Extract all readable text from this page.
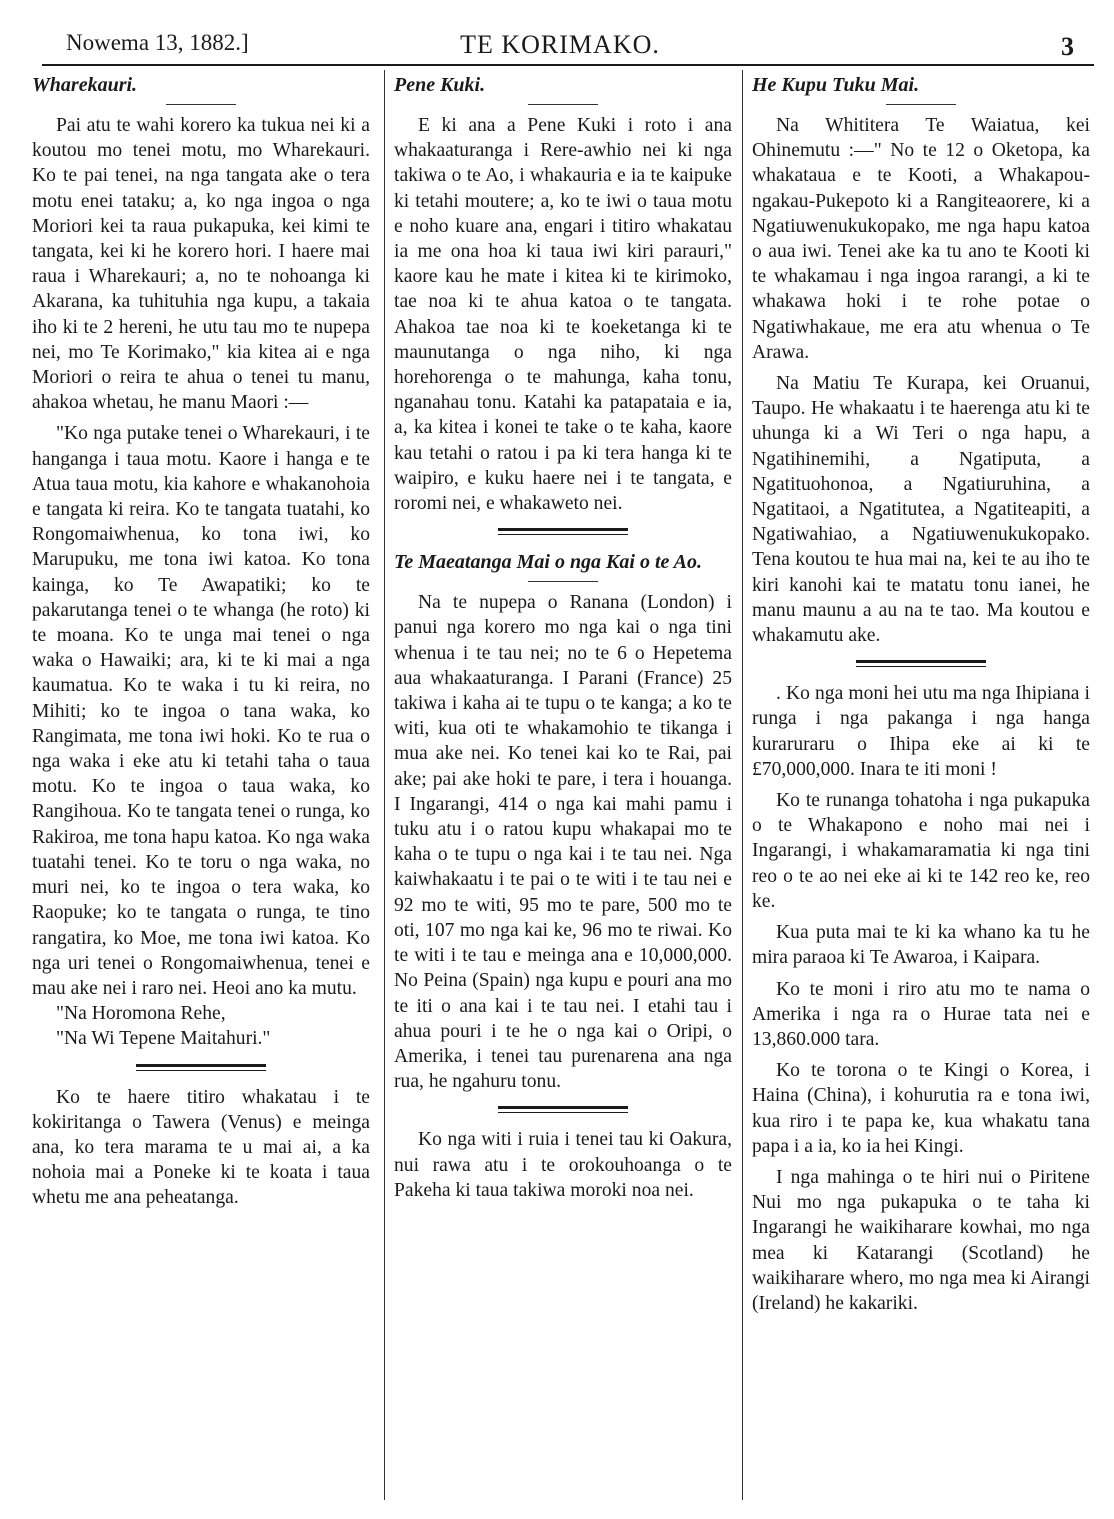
Nowema 13, 1882.]	TE KORIMAKO.	3

Wharekauri.

Pai atu te wahi korero ka tukua nei ki a koutou mo tenei motu, mo Wharekauri. Ko te pai tenei, na nga tangata ake o tera motu enei tataku; a, ko nga ingoa o nga Moriori kei ta raua pukapuka, kei kimi te tangata, kei ki he korero hori. I haere mai raua i Wharekauri; a, no te nohoanga ki Akarana, ka tuhituhia nga kupu, a takaia iho ki te 2 hereni, he utu tau mo te nupepa nei, mo Te Korimako," kia kitea ai e nga Moriori o reira te ahua o tenei tu manu, ahakoa whetau, he manu Maori :—

"Ko nga putake tenei o Wharekauri, i te hanganga i taua motu. Kaore i hanga e te Atua taua motu, kia kahore e whakanohoia e tangata ki reira. Ko te tangata tuatahi, ko Rongomaiwhenua, ko tona iwi, ko Marupuku, me tona iwi katoa. Ko tona kainga, ko Te Awapatiki; ko te pakarutanga tenei o te whanga (he roto) ki te moana. Ko te unga mai tenei o nga waka o Hawaiki; ara, ki te ki mai a nga kaumatua. Ko te waka i tu ki reira, no Mihiti; ko te ingoa o tana waka, ko Rangimata, me tona iwi hoki. Ko te rua o nga waka i eke atu ki tetahi taha o taua motu. Ko te ingoa o taua waka, ko Rangihoua. Ko te tangata tenei o runga, ko Rakiroa, me tona hapu katoa. Ko nga waka tuatahi tenei. Ko te toru o nga waka, no muri nei, ko te ingoa o tera waka, ko Raopuke; ko te tangata o runga, te tino rangatira, ko Moe, me tona iwi katoa. Ko nga uri tenei o Rongomaiwhenua, tenei e mau ake nei i raro nei. Heoi ano ka mutu.

"Na Horomona Rehe,

"Na Wi Tepene Maitahuri."

Ko te haere titiro whakatau i te kokiritanga o Tawera (Venus) e meinga ana, ko tera marama te u mai ai, a ka nohoia mai a Poneke ki te koata i taua whetu me ana peheatanga.

Pene Kuki.

E ki ana a Pene Kuki i roto i ana whakaaturanga i Rere-awhio nei ki nga takiwa o te Ao, i whakauria e ia te kaipuke ki tetahi moutere; a, ko te iwi o taua motu e noho kuare ana, engari i titiro whakatau ia me ona hoa ki taua iwi kiri parauri," kaore kau he mate i kitea ki te kirimoko, tae noa ki te ahua katoa o te tangata. Ahakoa tae noa ki te koeketanga ki te maunutanga o nga niho, ki nga horehorenga o te mahunga, kaha tonu, nganahau tonu. Katahi ka patapataia e ia, a, ka kitea i konei te take o te kaha, kaore kau tetahi o ratou i pa ki tera hanga ki te waipiro, e kuku haere nei i te tangata, e roromi nei, e whakaweto nei.

Te Maeatanga Mai o nga Kai o te Ao.

Na te nupepa o Ranana (London) i panui nga korero mo nga kai o nga tini whenua i te tau nei; no te 6 o Hepetema aua whakaaturanga. I Parani (France) 25 takiwa i kaha ai te tupu o te kanga; a ko te witi, kua oti te whakamohio te tikanga i mua ake nei. Ko tenei kai ko te Rai, pai ake; pai ake hoki te pare, i tera i houanga. I Ingarangi, 414 o nga kai mahi pamu i tuku atu i o ratou kupu whakapai mo te kaha o te tupu o nga kai i te tau nei. Nga kaiwhakaatu i te pai o te witi i te tau nei e 92 mo te witi, 95 mo te pare, 500 mo te oti, 107 mo nga kai ke, 96 mo te riwai. Ko te witi i te tau e meinga ana e 10,000,000. No Peina (Spain) nga kupu e pouri ana mo te iti o ana kai i te tau nei. I etahi tau i ahua pouri i te he o nga kai o Oripi, o Amerika, i tenei tau purenarena ana nga rua, he ngahuru tonu.

Ko nga witi i ruia i tenei tau ki Oakura, nui rawa atu i te orokouhoanga o te Pakeha ki taua takiwa moroki noa nei.

He Kupu Tuku Mai.

Na Whititera Te Waiatua, kei Ohinemutu :—" No te 12 o Oketopa, ka whakataua e te Kooti, a Whakapou-ngakau-Pukepoto ki a Rangiteaorere, ki a Ngatiuwenukukopako, me nga hapu katoa o aua iwi. Tenei ake ka tu ano te Kooti ki te whakamau i nga ingoa rarangi, a ki te whakawa hoki i te rohe potae o Ngatiwhakaue, me era atu whenua o Te Arawa.

Na Matiu Te Kurapa, kei Oruanui, Taupo. He whakaatu i te haerenga atu ki te uhunga ki a Wi Teri o nga hapu, a Ngatihinemihi, a Ngatiputa, a Ngatituohonoa, a Ngatiuruhina, a Ngatitaoi, a Ngatitutea, a Ngatiteapiti, a Ngatiwahiao, a Ngatiuwenukukopako. Tena koutou te hua mai na, kei te au iho te kiri kanohi kai te matatu tonu ianei, he manu maunu a au na te tao. Ma koutou e whakamutu ake.

. Ko nga moni hei utu ma nga Ihipiana i runga i nga pakanga i nga hanga kuraruraru o Ihipa eke ai ki te £70,000,000. Inara te iti moni !

Ko te runanga tohatoha i nga pukapuka o te Whakapono e noho mai nei i Ingarangi, i whakamaramatia ki nga tini reo o te ao nei eke ai ki te 142 reo ke, reo ke.

Kua puta mai te ki ka whano ka tu he mira paraoa ki Te Awaroa, i Kaipara.

Ko te moni i riro atu mo te nama o Amerika i nga ra o Hurae tata nei e 13,860.000 tara.

Ko te torona o te Kingi o Korea, i Haina (China), i kohurutia ra e tona iwi, kua riro i te papa ke, kua whakatu tana papa i a ia, ko ia hei Kingi.

I nga mahinga o te hiri nui o Piritene Nui mo nga pukapuka o te taha ki Ingarangi he waikiharare kowhai, mo nga mea ki Katarangi (Scotland) he waikiharare whero, mo nga mea ki Airangi (Ireland) he kakariki.
